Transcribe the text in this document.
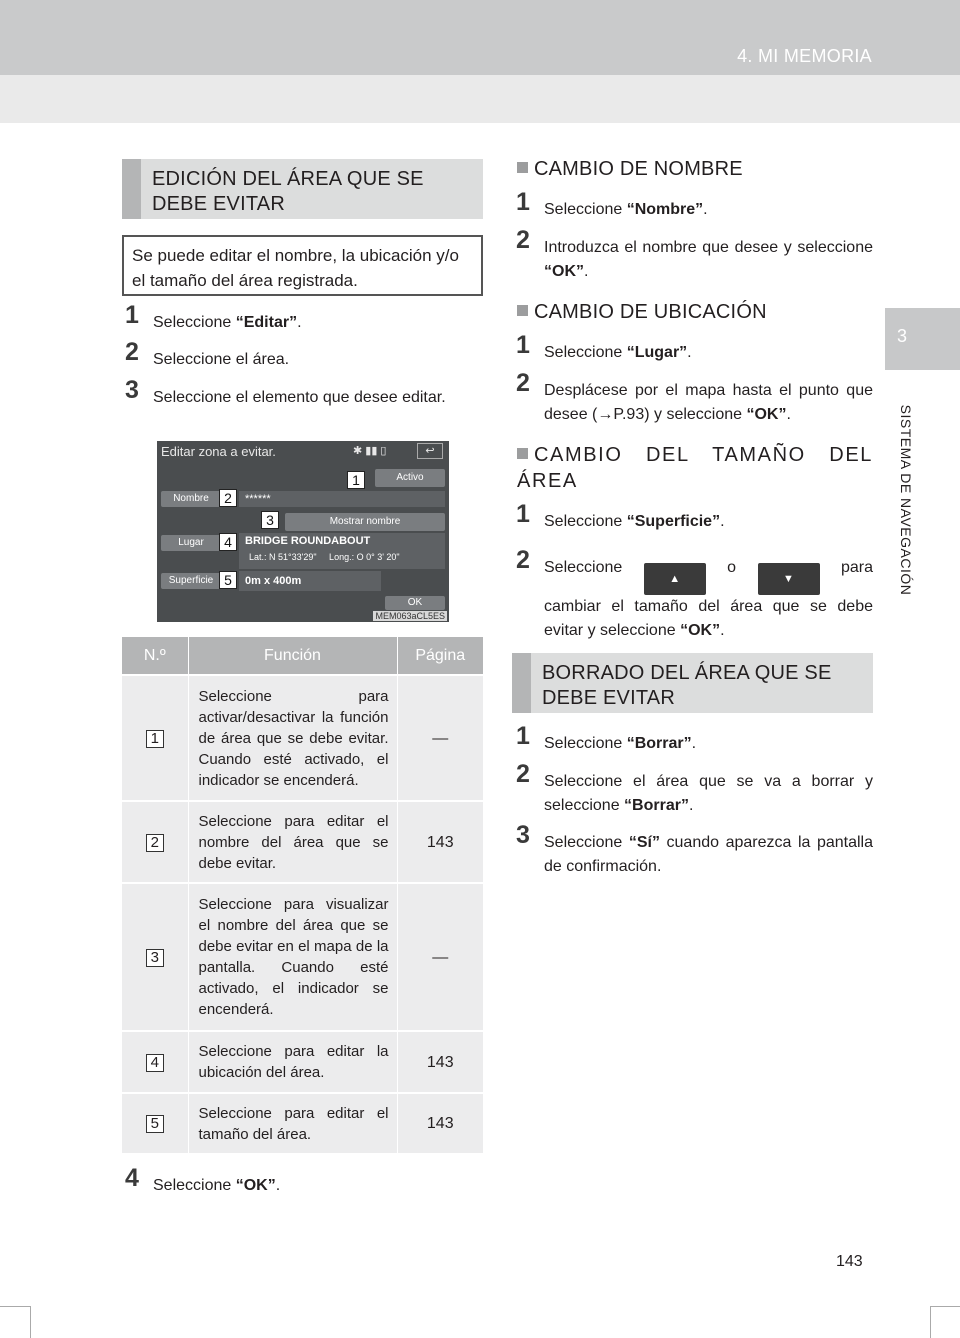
4. MI MEMORIA
3
SISTEMA DE NAVEGACIÓN
EDICIÓN DEL ÁREA QUE SE DEBE EVITAR
Se puede editar el nombre, la ubicación y/o el tamaño del área registrada.
1 Seleccione “Editar”.
2 Seleccione el área.
3 Seleccione el elemento que desee editar.
Editar zona a evitar.	✱ ▮▮ ▯	↩
Activo
Nombre	******
Mostrar nombre
Lugar	BRIDGE ROUNDABOUT
Lat.: N 51°33'29"     Long.: O 0° 3' 20"
Superficie	0m x 400m
OK
1
2
3
4
5
MEM063aCL5ES
N.º	Función	Página
1	Seleccione para activar/desactivar la función de área que se debe evitar. Cuando esté activado, el indicador se encenderá.	—
2	Seleccione para editar el nombre del área que se debe evitar.	143
3	Seleccione para visualizar el nombre del área que se debe evitar en el mapa de la pantalla. Cuando esté activado, el indicador se encenderá.	—
4	Seleccione para editar la ubicación del área.	143
5	Seleccione para editar el tamaño del área.	143
4 Seleccione “OK”.
CAMBIO DE NOMBRE
1 Seleccione “Nombre”.
2 Introduzca el nombre que desee y seleccione “OK”.
CAMBIO DE UBICACIÓN
1 Seleccione “Lugar”.
2 Desplácese por el mapa hasta el punto que desee (→P.93) y seleccione “OK”.
CAMBIO DEL TAMAÑO DEL ÁREA
1 Seleccione “Superficie”.
2 Seleccione ▲ o ▼ para cambiar el tamaño del área que se debe evitar y seleccione “OK”.
BORRADO DEL ÁREA QUE SE DEBE EVITAR
1 Seleccione “Borrar”.
2 Seleccione el área que se va a borrar y seleccione “Borrar”.
3 Seleccione “Sí” cuando aparezca la pantalla de confirmación.
143
